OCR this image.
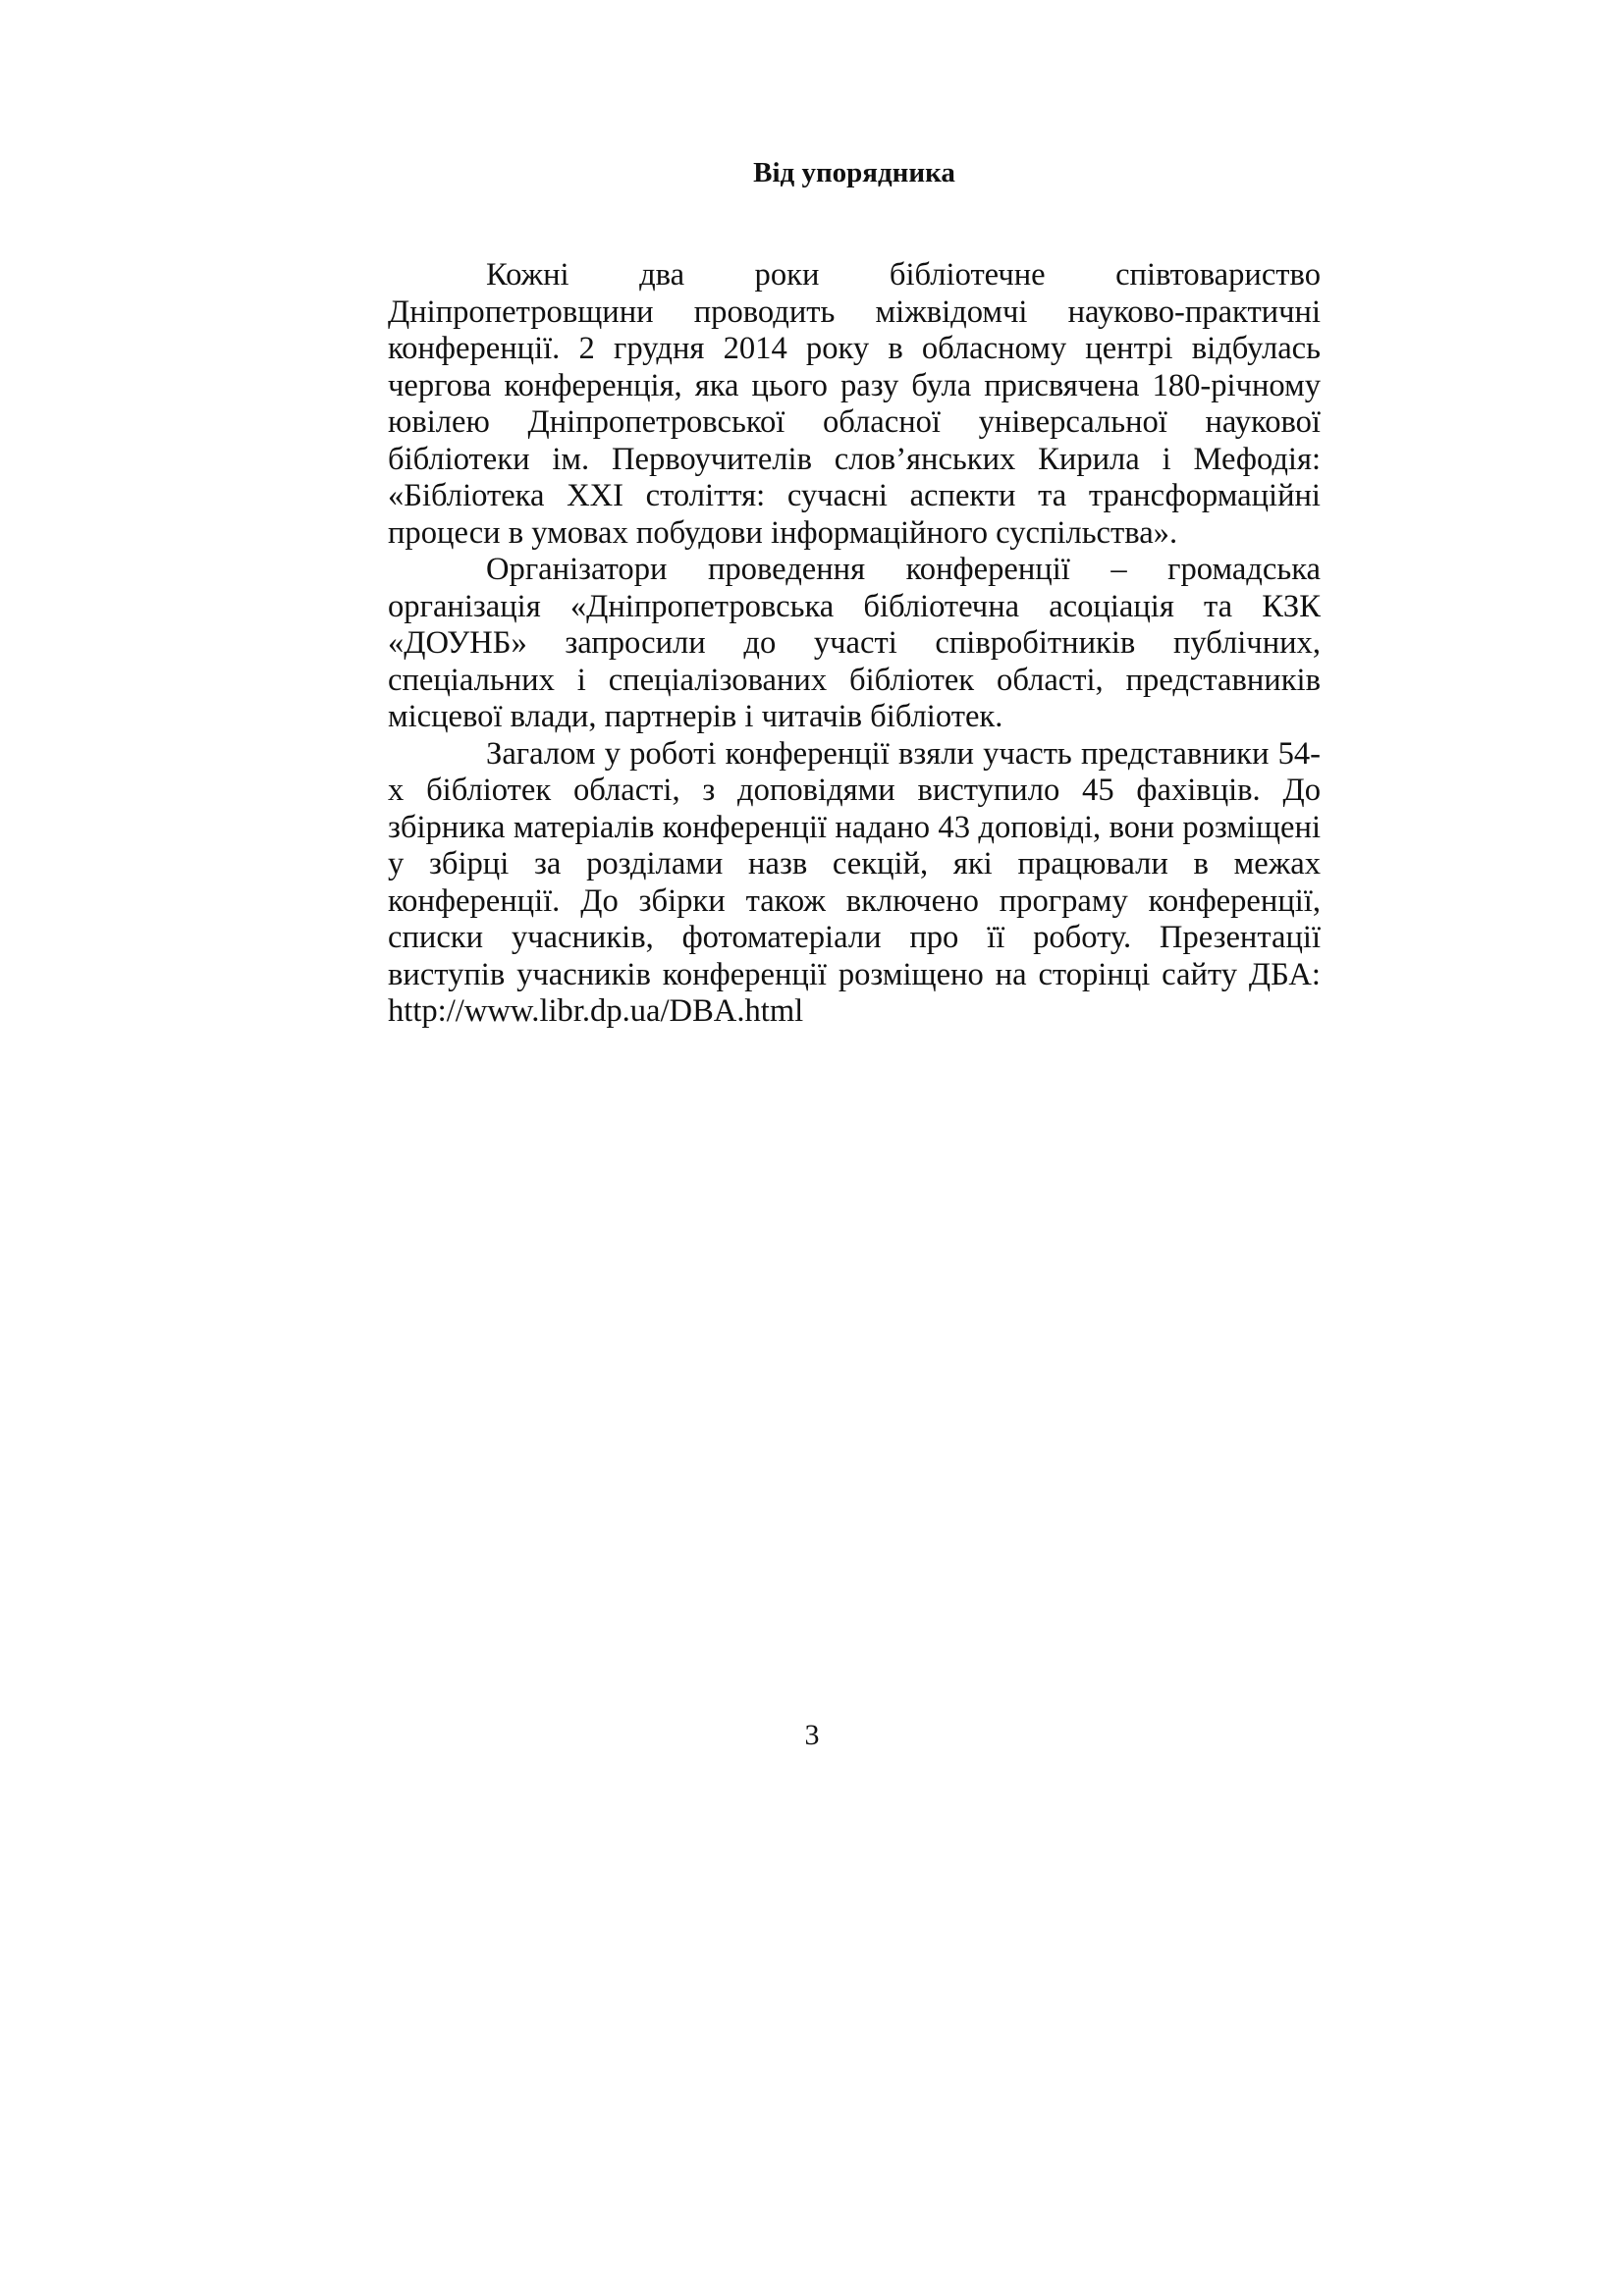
Від упорядника

Кожні два роки бібліотечне співтовариство Дніпропетровщини проводить міжвідомчі науково-практичні конференції. 2 грудня 2014 року в обласному центрі відбулась чергова конференція, яка цього разу була присвячена 180-річному ювілею Дніпропетровської обласної універсальної наукової бібліотеки ім. Первоучителів слов’янських Кирила і Мефодія: «Бібліотека XXI століття: сучасні аспекти та трансформаційні процеси в умовах побудови інформаційного суспільства».

Організатори проведення конференції – громадська організація «Дніпропетровська бібліотечна асоціація та КЗК «ДОУНБ» запросили до участі співробітників публічних, спеціальних і спеціалізованих бібліотек області, представників місцевої влади, партнерів і читачів бібліотек.

Загалом у роботі конференції взяли участь представники 54-х бібліотек області, з доповідями виступило 45 фахівців. До збірника матеріалів конференції надано 43 доповіді, вони розміщені у збірці за розділами назв секцій, які працювали в межах конференції. До збірки також включено програму конференції, списки учасників, фотоматеріали про її роботу. Презентації виступів учасників конференції розміщено на сторінці сайту ДБА: http://www.libr.dp.ua/DBA.html

3
